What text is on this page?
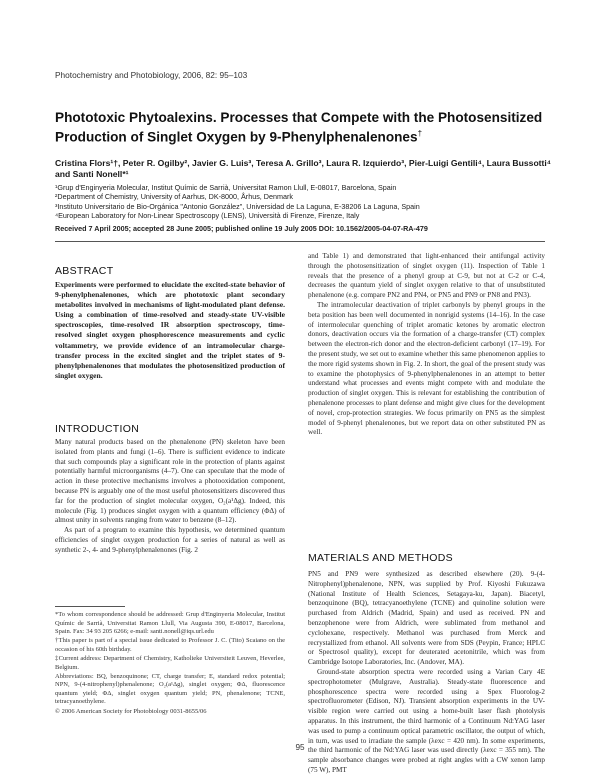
Photochemistry and Photobiology, 2006, 82: 95–103
Phototoxic Phytoalexins. Processes that Compete with the Photosensitized Production of Singlet Oxygen by 9-Phenylphenalenones†
Cristina Flors¹†, Peter R. Ogilby², Javier G. Luis³, Teresa A. Grillo³, Laura R. Izquierdo³, Pier-Luigi Gentili⁴, Laura Bussotti⁴ and Santi Nonell*¹
¹Grup d'Enginyeria Molecular, Institut Químic de Sarrià, Universitat Ramon Llull, E-08017, Barcelona, Spain
²Department of Chemistry, University of Aarhus, DK-8000, Århus, Denmark
³Instituto Universitario de Bio-Orgánica "Antonio González", Universidad de La Laguna, E-38206 La Laguna, Spain
⁴European Laboratory for Non-Linear Spectroscopy (LENS), Università di Firenze, Firenze, Italy
Received 7 April 2005; accepted 28 June 2005; published online 19 July 2005 DOI: 10.1562/2005-04-07-RA-479
ABSTRACT
Experiments were performed to elucidate the excited-state behavior of 9-phenylphenalenones, which are phototoxic plant secondary metabolites involved in mechanisms of light-modulated plant defense. Using a combination of time-resolved and steady-state UV-visible spectroscopies, time-resolved IR absorption spectroscopy, time-resolved singlet oxygen phosphorescence measurements and cyclic voltammetry, we provide evidence of an intramolecular charge-transfer process in the excited singlet and the triplet states of 9-phenylphenalenones that modulates the photosensitized production of singlet oxygen.
INTRODUCTION

Many natural products based on the phenalenone (PN) skeleton have been isolated from plants and fungi (1–6). There is sufficient evidence to indicate that such compounds play a significant role in the protection of plants against potentially harmful microorganisms (4–7). One can speculate that the mode of action in these protective mechanisms involves a photooxidation component, because PN is arguably one of the most useful photosensitizers discovered thus far for the production of singlet molecular oxygen, O₂(a¹Δg). Indeed, this molecule (Fig. 1) produces singlet oxygen with a quantum efficiency (ΦΔ) of almost unity in solvents ranging from water to benzene (8–12).

As part of a program to examine this hypothesis, we determined quantum efficiencies of singlet oxygen production for a series of natural as well as synthetic 2-, 4- and 9-phenylphenalenones (Fig. 2

*To whom correspondence should be addressed: Grup d'Enginyeria Molecular, Institut Químic de Sarrià, Universitat Ramon Llull, Via Augusta 390, E-08017, Barcelona, Spain. Fax: 34 93 205 6266; e-mail: santi.nonell@iqs.url.edu
†This paper is part of a special issue dedicated to Professor J. C. (Tito) Scaiano on the occasion of his 60th birthday.
‡Current address: Department of Chemistry, Katholieke Universiteit Leuven, Heverlee, Belgium.
Abbreviations: BQ, benzoquinone; CT, charge transfer; E, standard redox potential; NPN, 9-(4-nitrophenyl)phenalenone; O₂(a¹Δg), singlet oxygen; ΦΔ, fluorescence quantum yield; ΦΔ, singlet oxygen quantum yield; PN, phenalenone; TCNE, tetracyanoethylene.
© 2006 American Society for Photobiology 0031-8655/06

and Table 1) and demonstrated that light-enhanced their antifungal activity through the photosensitization of singlet oxygen (11). Inspection of Table 1 reveals that the presence of a phenyl group at C-9, but not at C-2 or C-4, decreases the quantum yield of singlet oxygen relative to that of unsubstituted phenalenone (e.g. compare PN2 and PN4, or PN5 and PN9 or PN8 and PN3).

The intramolecular deactivation of triplet carbonyls by phenyl groups in the beta position has been well documented in nonrigid systems (14–16). In the case of intermolecular quenching of triplet aromatic ketones by aromatic electron donors, deactivation occurs via the formation of a charge-transfer (CT) complex between the electron-rich donor and the electron-deficient carbonyl (17–19). For the present study, we set out to examine whether this same phenomenon applies to the more rigid systems shown in Fig. 2. In short, the goal of the present study was to examine the photophysics of 9-phenylphenalenones in an attempt to better understand what processes and events might compete with and modulate the production of singlet oxygen. This is relevant for establishing the contribution of phenalenone processes to plant defense and might give clues for the development of novel, crop-protection strategies. We focus primarily on PN5 as the simplest model of 9-phenyl phenalenones, but we report data on other substituted PN as well.

MATERIALS AND METHODS

PN5 and PN9 were synthesized as described elsewhere (20). 9-(4-Nitrophenyl)phenalenone, NPN, was supplied by Prof. Kiyoshi Fukuzawa (National Institute of Health Sciences, Setagaya-ku, Japan). Biacetyl, benzoquinone (BQ), tetracyanoethylene (TCNE) and quinoline solution were purchased from Aldrich (Madrid, Spain) and used as received. PN and benzophenone were from Aldrich, were sublimated from methanol and cyclohexane, respectively. Methanol was purchased from Merck and recrystallized from ethanol. All solvents were from SDS (Peypin, France; HPLC or Spectrosol quality), except for deuterated acetonitrile, which was from Cambridge Isotope Laboratories, Inc. (Andover, MA).

Ground-state absorption spectra were recorded using a Varian Cary 4E spectrophotometer (Mulgrave, Australia). Steady-state fluorescence and phosphorescence spectra were recorded using a Spex Fluorolog-2 spectrofluorometer (Edison, NJ). Transient absorption experiments in the UV-visible region were carried out using a home-built laser flash photolysis apparatus. In this instrument, the third harmonic of a Continuum Nd:YAG laser was used to pump a continuum optical parametric oscillator, the output of which, in turn, was used to irradiate the sample (λexc = 420 nm). In some experiments, the third harmonic of the Nd:YAG laser was used directly (λexc = 355 nm). The sample absorbance changes were probed at right angles with a CW xenon lamp (75 W), PMT

95
